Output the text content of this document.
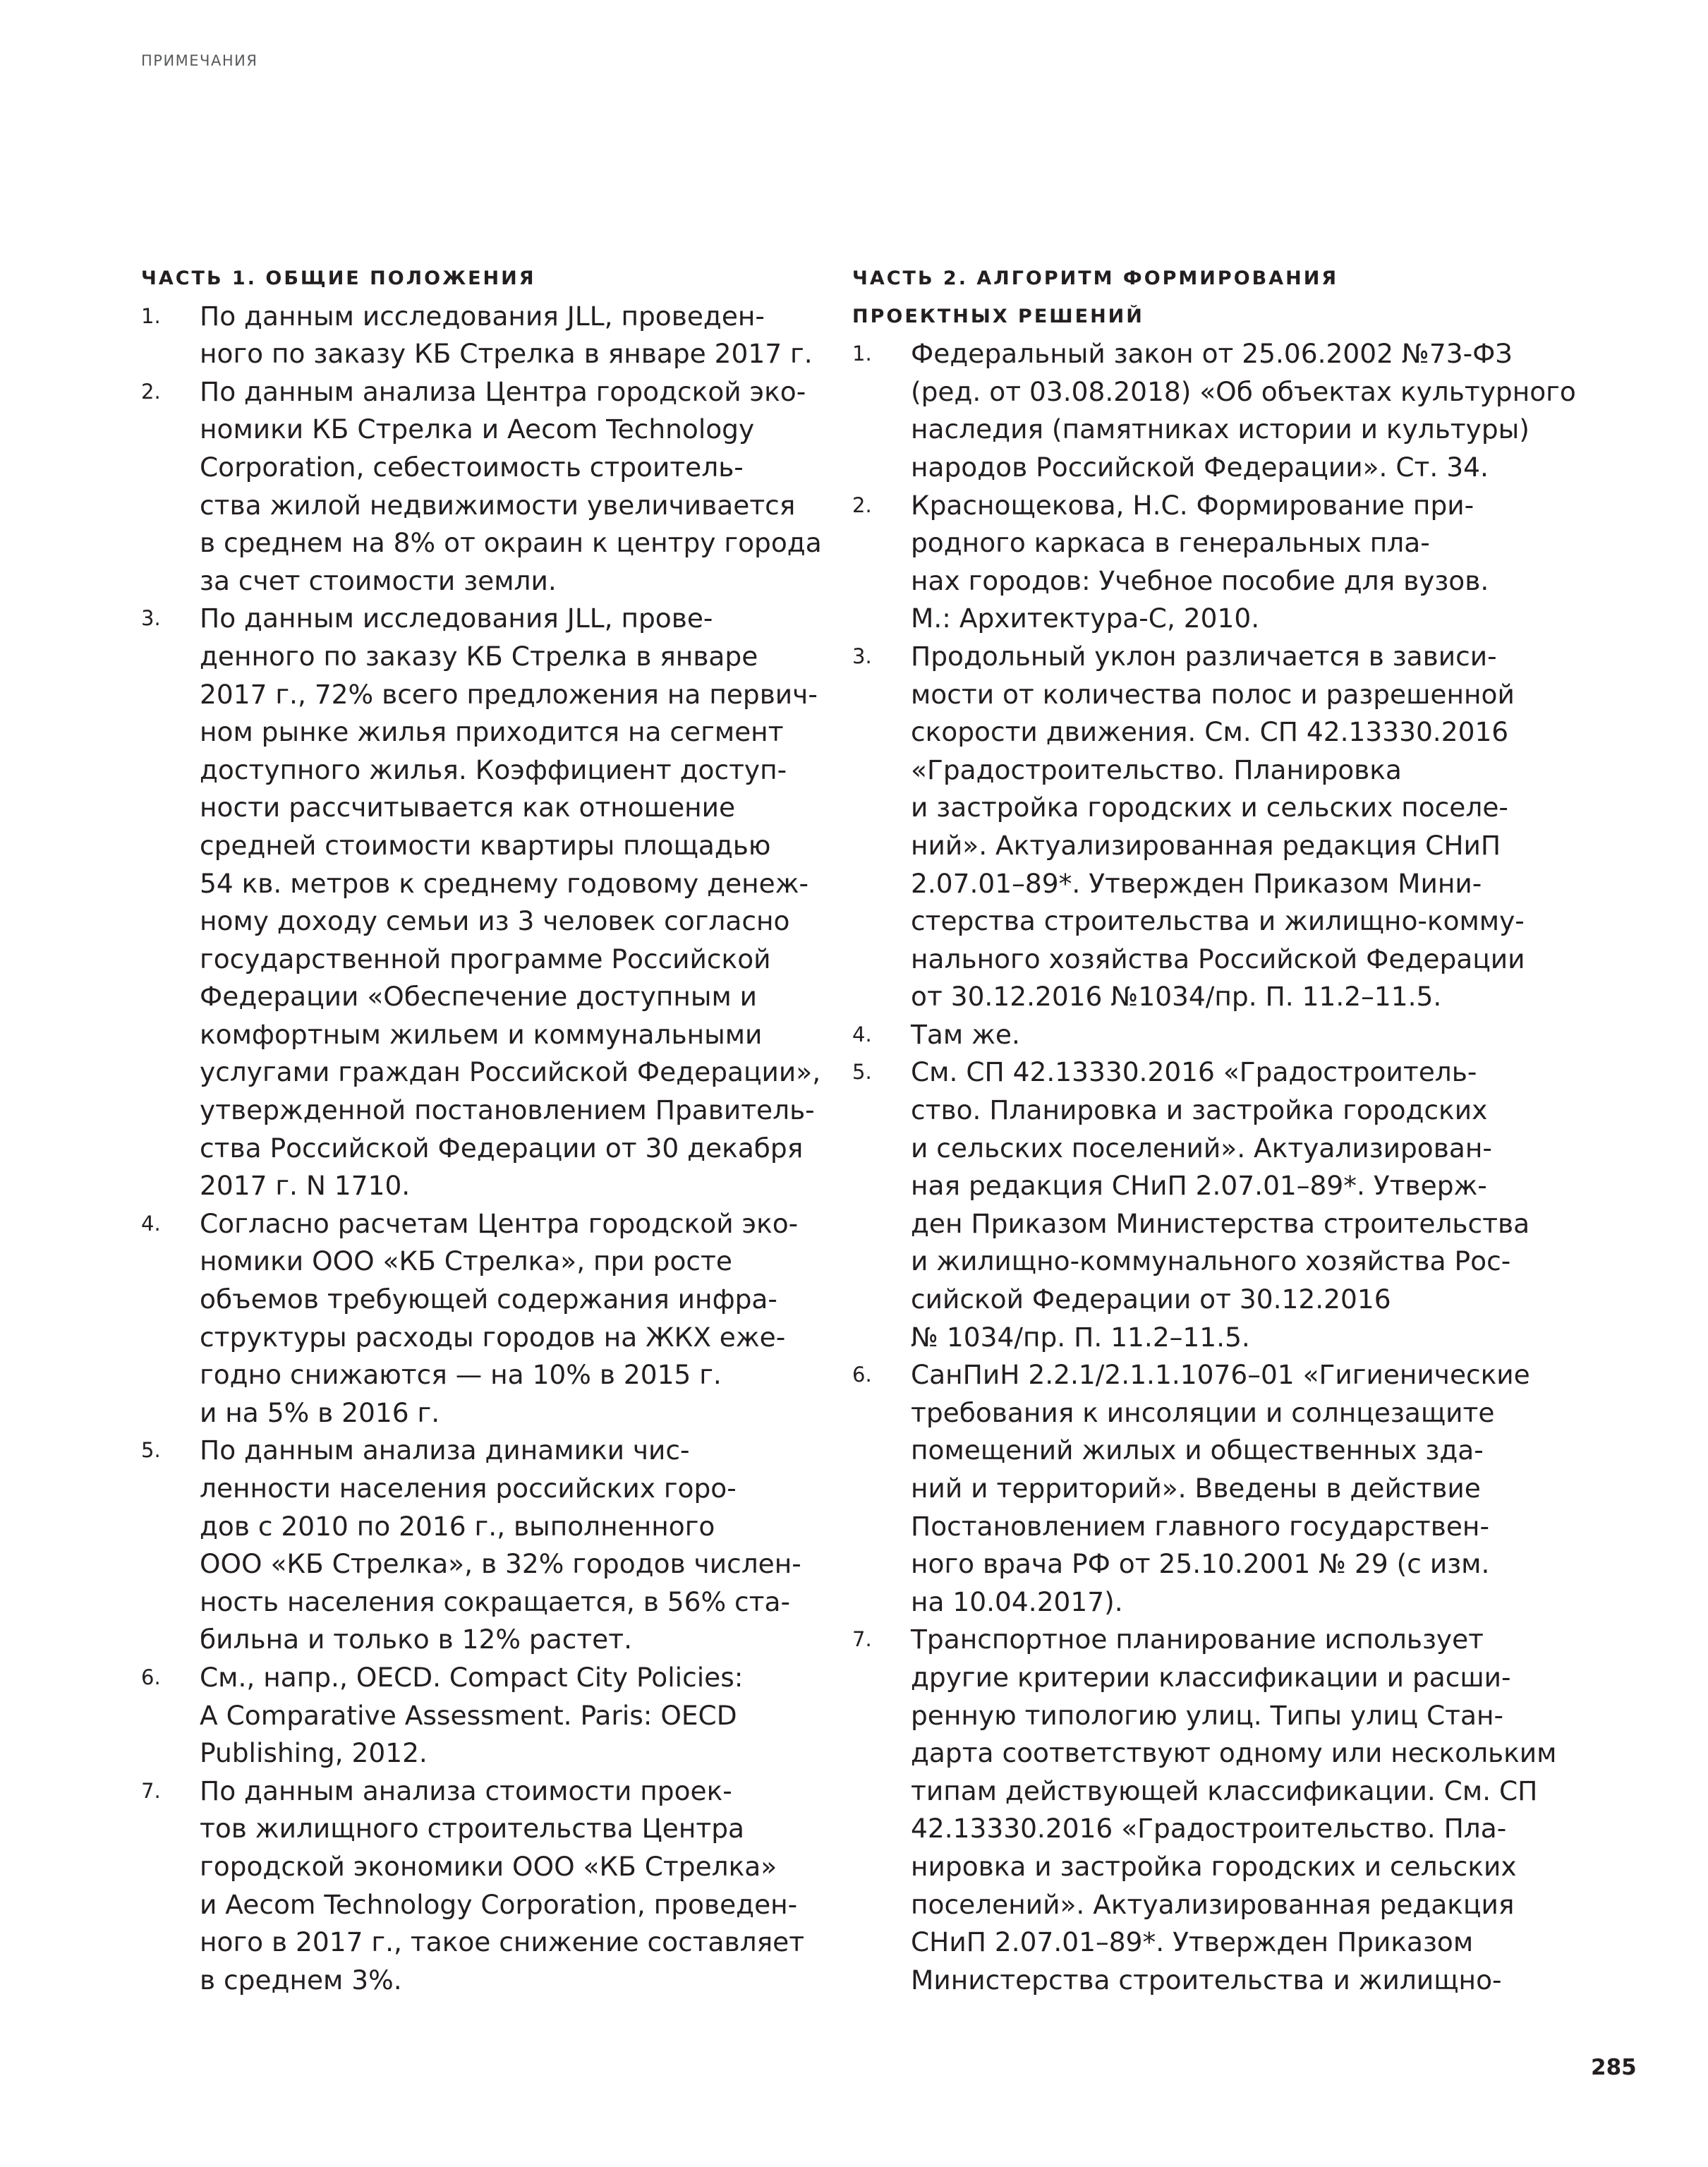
ПРИМЕЧАНИЯ
ЧАСТЬ 1. ОБЩИЕ ПОЛОЖЕНИЯ
1. По данным исследования JLL, проведен-
ного по заказу КБ Стрелка в январе 2017 г.
2. По данным анализа Центра городской эко-
номики КБ Стрелка и Aecom Technology
Corporation, себестоимость строитель-
ства жилой недвижимости увеличивается
в среднем на 8% от окраин к центру города
за счет стоимости земли.
3. По данным исследования JLL, прове-
денного по заказу КБ Стрелка в январе
2017 г., 72% всего предложения на первич-
ном рынке жилья приходится на сегмент
доступного жилья. Коэффициент доступ-
ности рассчитывается как отношение
средней стоимости квартиры площадью
54 кв. метров к среднему годовому денеж-
ному доходу семьи из 3 человек согласно
государственной программе Российской
Федерации «Обеспечение доступным и
комфортным жильем и коммунальными
услугами граждан Российской Федерации»,
утвержденной постановлением Правитель-
ства Российской Федерации от 30 декабря
2017 г. N 1710.
4. Согласно расчетам Центра городской эко-
номики ООО «КБ Стрелка», при росте
объемов требующей содержания инфра-
структуры расходы городов на ЖКХ еже-
годно снижаются — на 10% в 2015 г.
и на 5% в 2016 г.
5. По данным анализа динамики чис-
ленности населения российских горо-
дов с 2010 по 2016 г., выполненного
ООО «КБ Стрелка», в 32% городов числен-
ность населения сокращается, в 56% ста-
бильна и только в 12% растет.
6. См., напр., OECD. Compact City Policies:
A Comparative Assessment. Paris: OECD
Publishing, 2012.
7. По данным анализа стоимости проек-
тов жилищного строительства Центра
городской экономики ООО «КБ Стрелка»
и Aecom Technology Corporation, проведен-
ного в 2017 г., такое снижение составляет
в среднем 3%.
ЧАСТЬ 2. АЛГОРИТМ ФОРМИРОВАНИЯ
ПРОЕКТНЫХ РЕШЕНИЙ
1. Федеральный закон от 25.06.2002 №73-ФЗ
(ред. от 03.08.2018) «Об объектах культурного
наследия (памятниках истории и культуры)
народов Российской Федерации». Ст. 34.
2. Краснощекова, Н.С. Формирование при-
родного каркаса в генеральных пла-
нах городов: Учебное пособие для вузов.
М.: Архитектура-С, 2010.
3. Продольный уклон различается в зависи-
мости от количества полос и разрешенной
скорости движения. См. СП 42.13330.2016
«Градостроительство. Планировка
и застройка городских и сельских поселе-
ний». Актуализированная редакция СНиП
2.07.01–89*. Утвержден Приказом Мини-
стерства строительства и жилищно-комму-
нального хозяйства Российской Федерации
от 30.12.2016 №1034/пр. П. 11.2–11.5.
4. Там же.
5. См. СП 42.13330.2016 «Градостроитель-
ство. Планировка и застройка городских
и сельских поселений». Актуализирован-
ная редакция СНиП 2.07.01–89*. Утверж-
ден Приказом Министерства строительства
и жилищно-коммунального хозяйства Рос-
сийской Федерации от 30.12.2016
№ 1034/пр. П. 11.2–11.5.
6. СанПиН 2.2.1/2.1.1.1076–01 «Гигиенические
требования к инсоляции и солнцезащите
помещений жилых и общественных зда-
ний и территорий». Введены в действие
Постановлением главного государствен-
ного врача РФ от 25.10.2001 № 29 (с изм.
на 10.04.2017).
7. Транспортное планирование использует
другие критерии классификации и расши-
ренную типологию улиц. Типы улиц Стан-
дарта соответствуют одному или нескольким
типам действующей классификации. См. СП
42.13330.2016 «Градостроительство. Пла-
нировка и застройка городских и сельских
поселений». Актуализированная редакция
СНиП 2.07.01–89*. Утвержден Приказом
Министерства строительства и жилищно-
285
